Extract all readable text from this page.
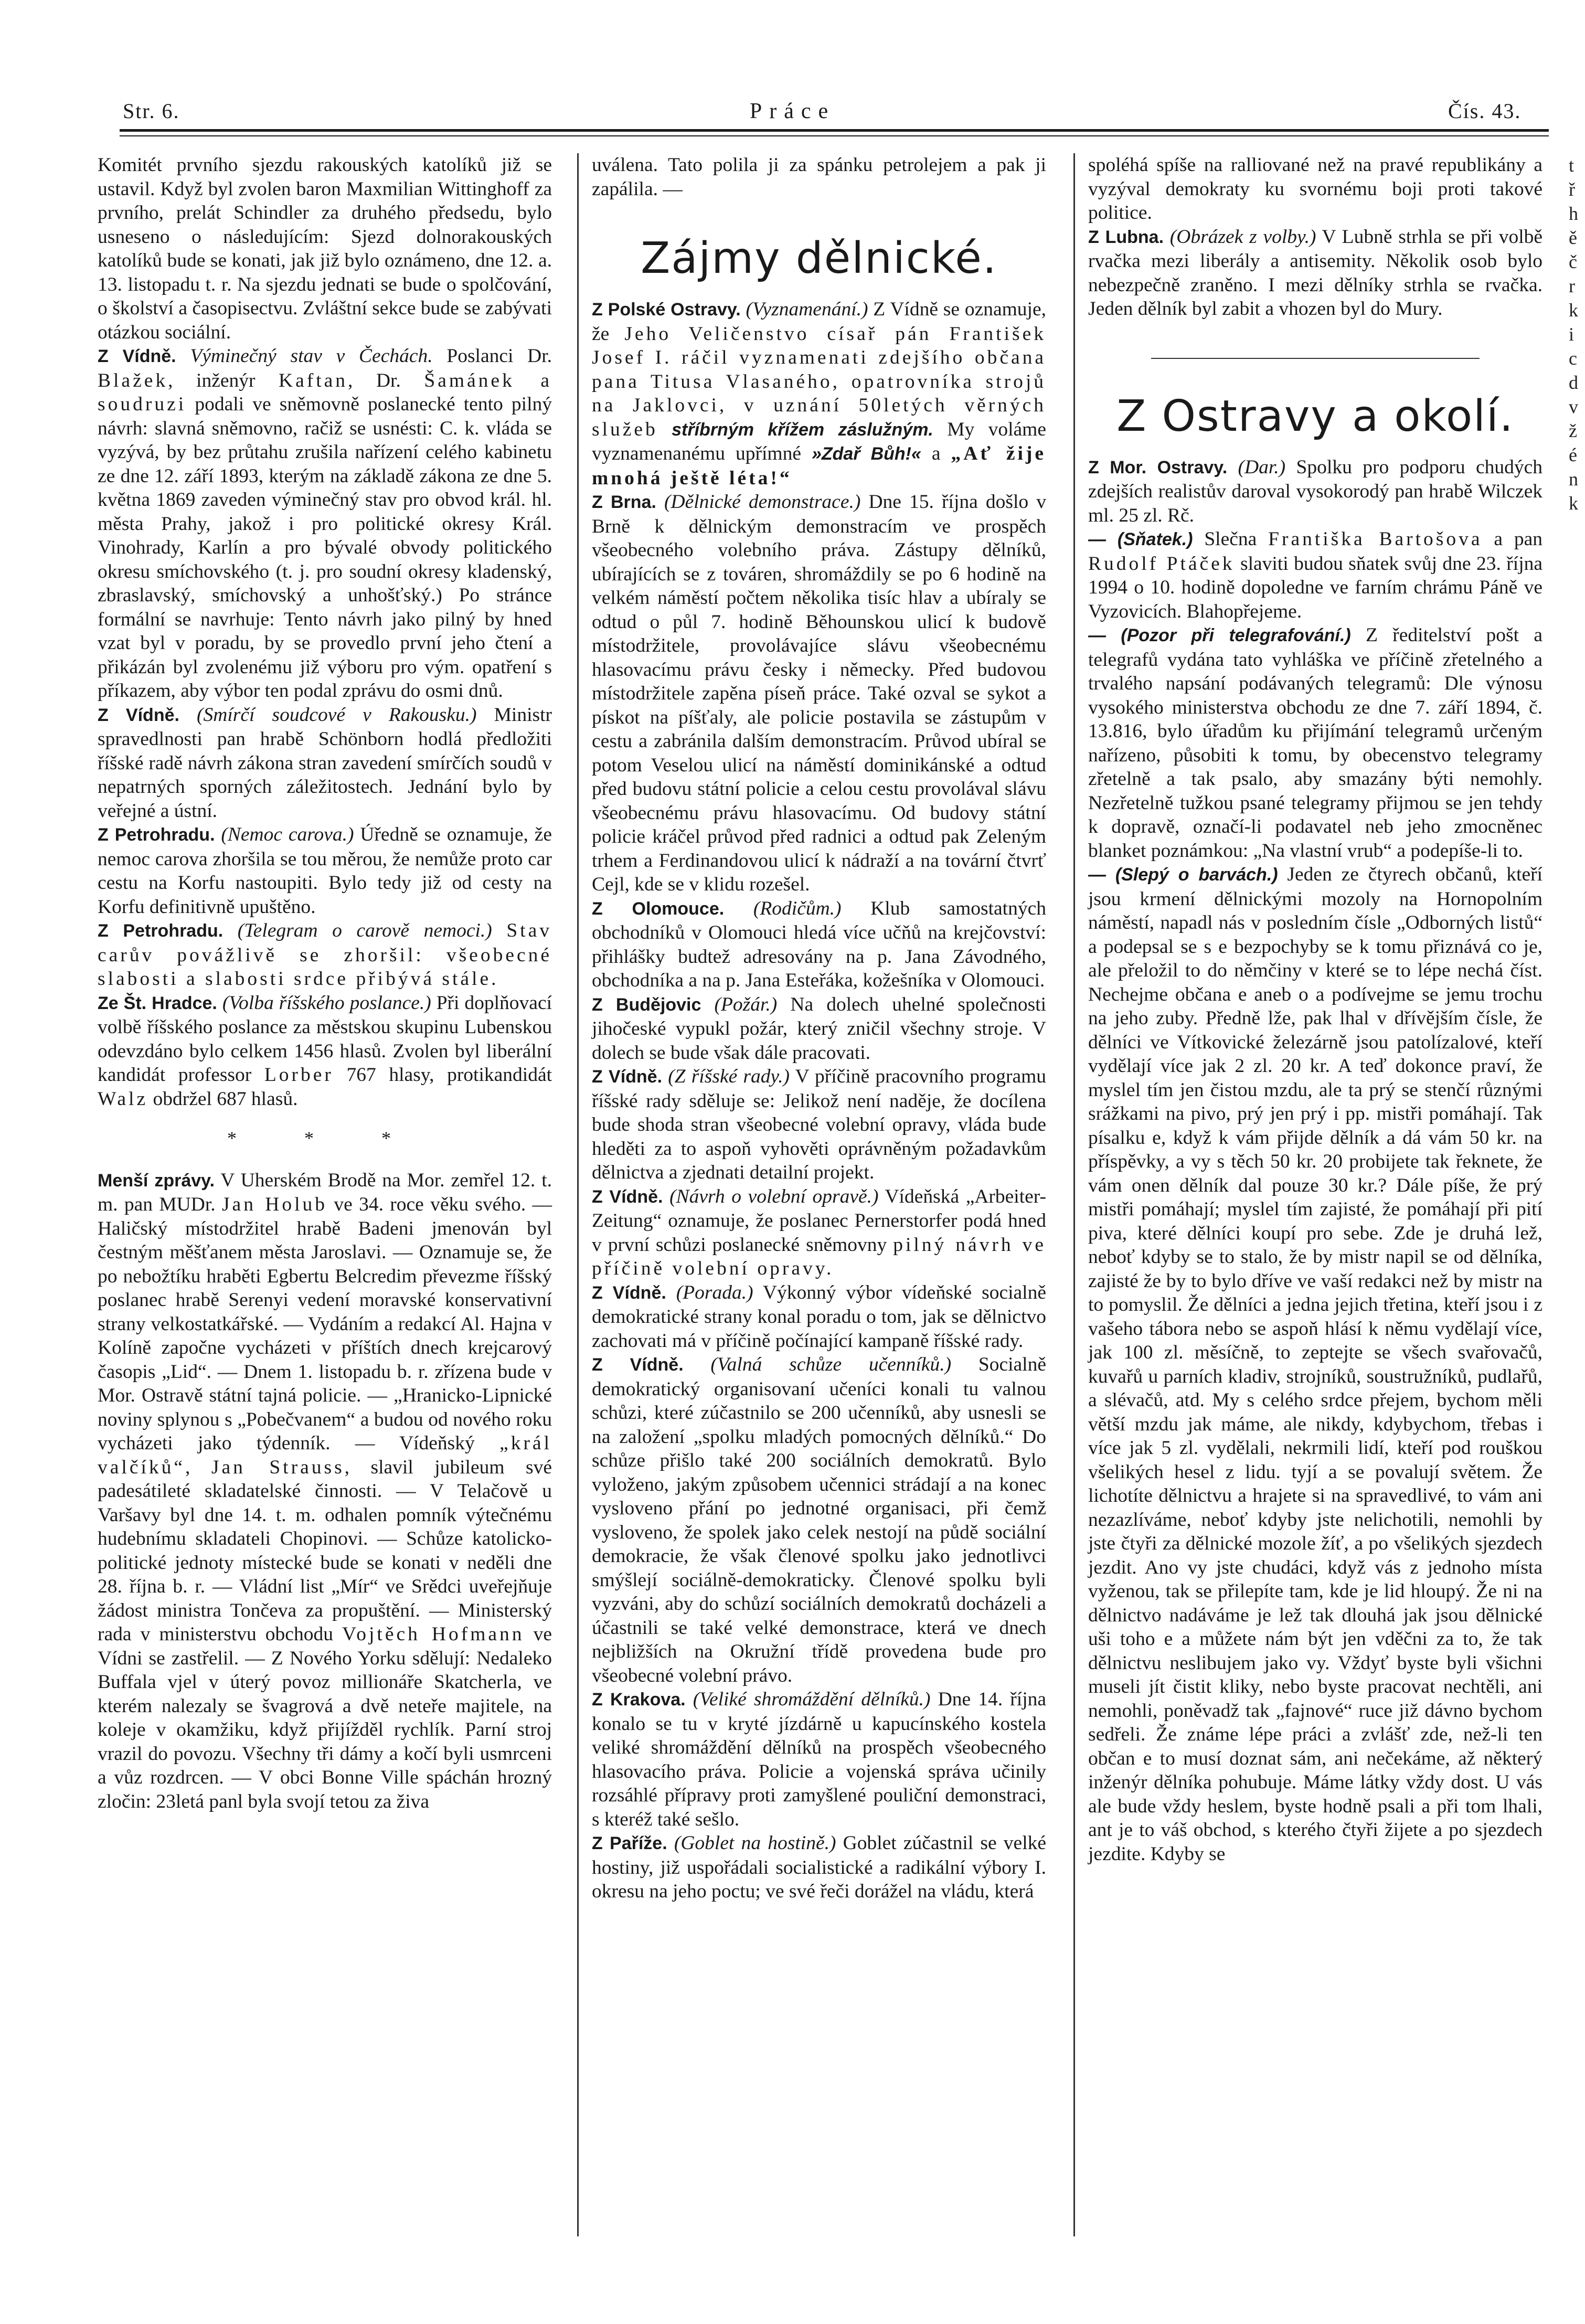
Str. 6.	Práce	Čís. 43.

Komitét prvního sjezdu rakouských katolíků již se ustavil. Když byl zvolen baron Maxmilian Wittinghoff za prvního, prelát Schindler za druhého předsedu, bylo usneseno o následujícím: Sjezd dolnorakouských katolíků bude se konati, jak již bylo oznámeno, dne 12. a. 13. listopadu t. r. Na sjezdu jednati se bude o spolčování, o školství a časopisectvu. Zvláštní sekce bude se zabývati otázkou sociální.

Z Vídně. Výminečný stav v Čechách. Poslanci Dr. Blažek, inženýr Kaftan, Dr. Šamánek a soudruzi podali ve sněmovně poslanecké tento pilný návrh: slavná sněmovno, račiž se usnésti: C. k. vláda se vyzývá, by bez průtahu zrušila nařízení celého kabinetu ze dne 12. září 1893, kterým na základě zákona ze dne 5. května 1869 zaveden výminečný stav pro obvod král. hl. města Prahy, jakož i pro politické okresy Král. Vinohrady, Karlín a pro bývalé obvody politického okresu smíchovského (t. j. pro soudní okresy kladenský, zbraslavský, smíchovský a unhošťský.) Po stránce formální se navrhuje: Tento návrh jako pilný by hned vzat byl v poradu, by se provedlo první jeho čtení a přikázán byl zvolenému již výboru pro vým. opatření s příkazem, aby výbor ten podal zprávu do osmi dnů.

Z Vídně. (Smírčí soudcové v Rakousku.) Ministr spravedlnosti pan hrabě Schönborn hodlá předložiti říšské radě návrh zákona stran zavedení smírčích soudů v nepatrných sporných záležitostech. Jednání bylo by veřejné a ústní.

Z Petrohradu. (Nemoc carova.) Úředně se oznamuje, že nemoc carova zhoršila se tou měrou, že nemůže proto car cestu na Korfu nastoupiti. Bylo tedy již od cesty na Korfu definitivně upuštěno.

Z Petrohradu. (Telegram o carově nemoci.) Stav carův povážlivě se zhoršil: všeobecné slabosti a slabosti srdce přibývá stále.

Ze Št. Hradce. (Volba říšského poslance.) Při doplňovací volbě říšského poslance za městskou skupinu Lubenskou odevzdáno bylo celkem 1456 hlasů. Zvolen byl liberální kandidát professor Lorber 767 hlasy, protikandidát Walz obdržel 687 hlasů.

* * *

Menší zprávy. V Uherském Brodě na Mor. zemřel 12. t. m. pan MUDr. Jan Holub ve 34. roce věku svého. — Haličský místodržitel hrabě Badeni jmenován byl čestným měšťanem města Jaroslavi. — Oznamuje se, že po nebožtíku hraběti Egbertu Belcredim převezme říšský poslanec hrabě Serenyi vedení moravské konservativní strany velkostatkářské. — Vydáním a redakcí Al. Hajna v Kolíně započne vycházeti v příštích dnech krejcarový časopis „Lid“. — Dnem 1. listopadu b. r. zřízena bude v Mor. Ostravě státní tajná policie. — „Hranicko-Lipnické noviny splynou s „Pobečvanem“ a budou od nového roku vycházeti jako týdenník. — Vídeňský „král valčíků“, Jan Strauss, slavil jubileum své padesátileté skladatelské činnosti. — V Telačově u Varšavy byl dne 14. t. m. odhalen pomník výtečnému hudebnímu skladateli Chopinovi. — Schůze katolicko-politické jednoty místecké bude se konati v neděli dne 28. října b. r. — Vládní list „Mír“ ve Srědci uveřejňuje žádost ministra Tončeva za propuštění. — Ministerský rada v ministerstvu obchodu Vojtěch Hofmann ve Vídni se zastřelil. — Z Nového Yorku sdělují: Nedaleko Buffala vjel v úterý povoz millionáře Skatcherla, ve kterém nalezaly se švagrová a dvě neteře majitele, na koleje v okamžiku, když přijížděl rychlík. Parní stroj vrazil do povozu. Všechny tři dámy a kočí byli usmrceni a vůz rozdrcen. — V obci Bonne Ville spáchán hrozný zločin: 23letá panl byla svojí tetou za živa

uválena. Tato polila ji za spánku petrolejem a pak ji zapálila. —

Zájmy dělnické.

Z Polské Ostravy. (Vyznamenání.) Z Vídně se oznamuje, že Jeho Veličenstvo císař pán František Josef I. ráčil vyznamenati zdejšího občana pana Titusa Vlasaného, opatrovníka strojů na Jaklovci, v uznání 50letých věrných služeb stříbrným křížem záslužným. My voláme vyznamenanému upřímné »Zdař Bůh!« a „Ať žije mnohá ještě léta!“

Z Brna. (Dělnické demonstrace.) Dne 15. října došlo v Brně k dělnickým demonstracím ve prospěch všeobecného volebního práva. Zástupy dělníků, ubírajících se z továren, shromáždily se po 6 hodině na velkém náměstí počtem několika tisíc hlav a ubíraly se odtud o půl 7. hodině Běhounskou ulicí k budově místodržitele, provolávajíce slávu všeobecnému hlasovacímu právu česky i německy. Před budovou místodržitele zapěna píseň práce. Také ozval se sykot a pískot na píšťaly, ale policie postavila se zástupům v cestu a zabránila dalším demonstracím. Průvod ubíral se potom Veselou ulicí na náměstí dominikánské a odtud před budovu státní policie a celou cestu provolával slávu všeobecnému právu hlasovacímu. Od budovy státní policie kráčel průvod před radnici a odtud pak Zeleným trhem a Ferdinandovou ulicí k nádraží a na tovární čtvrť Cejl, kde se v klidu rozešel.

Z Olomouce. (Rodičům.) Klub samostatných obchodníků v Olomouci hledá více učňů na krejčovství: přihlášky budtež adresovány na p. Jana Závodného, obchodníka a na p. Jana Esteřáka, kožešníka v Olomouci.

Z Budějovic (Požár.) Na dolech uhelné společnosti jihočeské vypukl požár, který zničil všechny stroje. V dolech se bude však dále pracovati.

Z Vídně. (Z říšské rady.) V příčině pracovního programu říšské rady sděluje se: Jelikož není naděje, že docílena bude shoda stran všeobecné volební opravy, vláda bude hleděti za to aspoň vyhověti oprávněným požadavkům dělnictva a zjednati detailní projekt.

Z Vídně. (Návrh o volební opravě.) Vídeňská „Arbeiter-Zeitung“ oznamuje, že poslanec Pernerstorfer podá hned v první schůzi poslanecké sněmovny pilný návrh ve příčině volební opravy.

Z Vídně. (Porada.) Výkonný výbor vídeňské socialně demokratické strany konal poradu o tom, jak se dělnictvo zachovati má v příčině počínající kampaně říšské rady.

Z Vídně. (Valná schůze učenníků.) Socialně demokratický organisovaní učeníci konali tu valnou schůzi, které zúčastnilo se 200 učenníků, aby usnesli se na založení „spolku mladých pomocných dělníků.“ Do schůze přišlo také 200 sociálních demokratů. Bylo vyloženo, jakým způsobem učennici strádají a na konec vysloveno přání po jednotné organisaci, při čemž vysloveno, že spolek jako celek nestojí na půdě sociální demokracie, že však členové spolku jako jednotlivci smýšlejí sociálně-demokraticky. Členové spolku byli vyzváni, aby do schůzí sociálních demokratů docházeli a účastnili se také velké demonstrace, která ve dnech nejbližších na Okružní třídě provedena bude pro všeobecné volební právo.

Z Krakova. (Veliké shromáždění dělníků.) Dne 14. října konalo se tu v kryté jízdárně u kapucínského kostela veliké shromáždění dělníků na prospěch všeobecného hlasovacího práva. Policie a vojenská správa učinily rozsáhlé přípravy proti zamyšlené pouliční demonstraci, s kteréž také sešlo.

Z Paříže. (Goblet na hostině.) Goblet zúčastnil se velké hostiny, již uspořádali socialistické a radikální výbory I. okresu na jeho poctu; ve své řeči dorážel na vládu, která

spoléhá spíše na ralliované než na pravé republikány a vyzýval demokraty ku svornému boji proti takové politice.

Z Lubna. (Obrázek z volby.) V Lubně strhla se při volbě rvačka mezi liberály a antisemity. Několik osob bylo nebezpečně zraněno. I mezi dělníky strhla se rvačka. Jeden dělník byl zabit a vhozen byl do Mury.

Z Ostravy a okolí.

Z Mor. Ostravy. (Dar.) Spolku pro podporu chudých zdejších realistův daroval vysokorodý pan hrabě Wilczek ml. 25 zl. Rč.

— (Sňatek.) Slečna Františka Bartošova a pan Rudolf Ptáček slaviti budou sňatek svůj dne 23. října 1994 o 10. hodině dopoledne ve farním chrámu Páně ve Vyzovicích. Blahopřejeme.

— (Pozor při telegrafování.) Z ředitelství pošt a telegrafů vydána tato vyhláška ve příčině zřetelného a trvalého napsání podávaných telegramů: Dle výnosu vysokého ministerstva obchodu ze dne 7. září 1894, č. 13.816, bylo úřadům ku přijímání telegramů určeným nařízeno, působiti k tomu, by obecenstvo telegramy zřetelně a tak psalo, aby smazány býti nemohly. Nezřetelně tužkou psané telegramy přijmou se jen tehdy k dopravě, označí-li podavatel neb jeho zmocněnec blanket poznámkou: „Na vlastní vrub“ a podepíše-li to.

— (Slepý o barvách.) Jeden ze čtyrech občanů, kteří jsou krmení dělnickými mozoly na Hornopolním náměstí, napadl nás v posledním čísle „Odborných listů“ a podepsal se s e bezpochyby se k tomu přiznává co je, ale přeložil to do němčiny v které se to lépe nechá číst. Nechejme občana e aneb o a podívejme se jemu trochu na jeho zuby. Předně lže, pak lhal v dřívějším čísle, že dělníci ve Vítkovické železárně jsou patolízalové, kteří vydělají více jak 2 zl. 20 kr. A teď dokonce praví, že myslel tím jen čistou mzdu, ale ta prý se stenčí různými srážkami na pivo, prý jen prý i pp. mistři pomáhají. Tak písalku e, když k vám přijde dělník a dá vám 50 kr. na příspěvky, a vy s těch 50 kr. 20 probijete tak řeknete, že vám onen dělník dal pouze 30 kr.? Dále píše, že prý mistři pomáhají; myslel tím zajisté, že pomáhají při pití piva, které dělníci koupí pro sebe. Zde je druhá lež, neboť kdyby se to stalo, že by mistr napil se od dělníka, zajisté že by to bylo dříve ve vaší redakci než by mistr na to pomyslil. Že dělníci a jedna jejich třetina, kteří jsou i z vašeho tábora nebo se aspoň hlásí k němu vydělají více, jak 100 zl. měsíčně, to zeptejte se všech svařovačů, kuvařů u parních kladiv, strojníků, soustružníků, pudlařů, a slévačů, atd. My s celého srdce přejem, bychom měli větší mzdu jak máme, ale nikdy, kdybychom, třebas i více jak 5 zl. vydělali, nekrmili lidí, kteří pod rouškou všelikých hesel z lidu. tyjí a se povalují světem. Že lichotíte dělnictvu a hrajete si na spravedlivé, to vám ani nezazlíváme, neboť kdyby jste nelichotili, nemohli by jste čtyři za dělnické mozole žíť, a po všelikých sjezdech jezdit. Ano vy jste chudáci, když vás z jednoho místa vyženou, tak se přilepíte tam, kde je lid hloupý. Že ni na dělnictvo nadáváme je lež tak dlouhá jak jsou dělnické uši toho e a můžete nám být jen vděčni za to, že tak dělnictvu neslibujem jako vy. Vždyť byste byli všichni museli jít čistit kliky, nebo byste pracovat nechtěli, ani nemohli, poněvadž tak „fajnové“ ruce již dávno bychom sedřeli. Že známe lépe práci a zvlášť zde, než-li ten občan e to musí doznat sám, ani nečekáme, až některý inženýr dělníka pohubuje. Máme látky vždy dost. U vás ale bude vždy heslem, byste hodně psali a při tom lhali, ant je to váš obchod, s kterého čtyři žijete a po sjezdech jezdite. Kdyby se

t
ř
h
ě
č
r
k
i
c
d
v
ž
é
n
k
